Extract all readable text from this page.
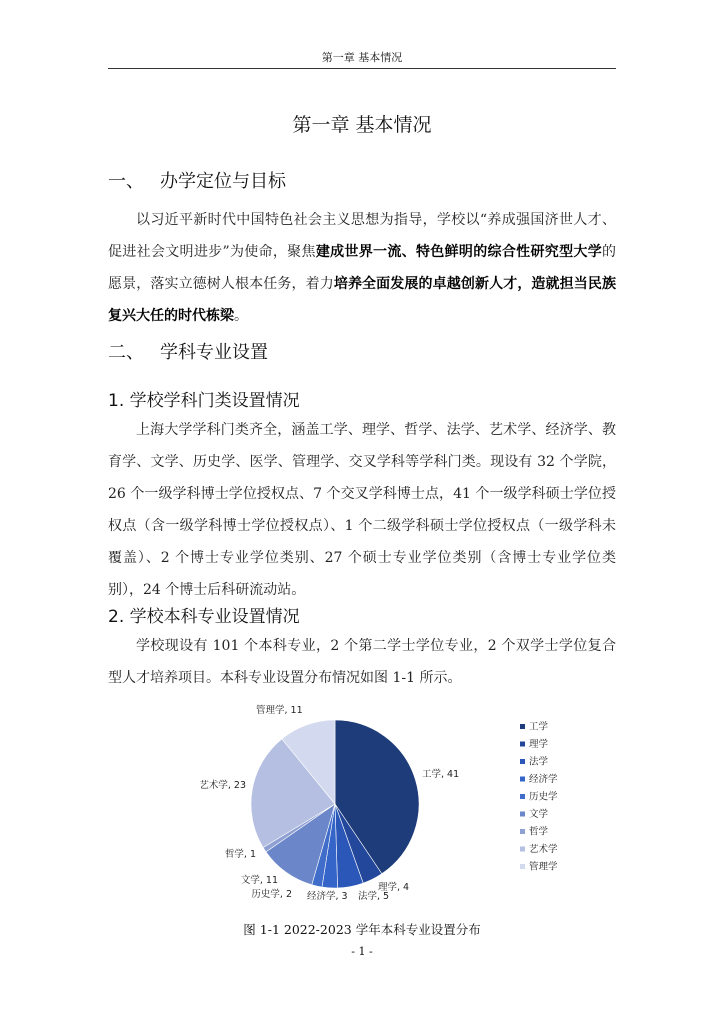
第一章 基本情况
第一章 基本情况
一、 办学定位与目标

以习近平新时代中国特色社会主义思想为指导，学校以“养成强国济世人才、促进社会文明进步”为使命，聚焦建成世界一流、特色鲜明的综合性研究型大学的愿景，落实立德树人根本任务，着力培养全面发展的卓越创新人才，造就担当民族复兴大任的时代栋梁。

二、 学科专业设置
1. 学校学科门类设置情况

上海大学学科门类齐全，涵盖工学、理学、哲学、法学、艺术学、经济学、教育学、文学、历史学、医学、管理学、交叉学科等学科门类。现设有 32 个学院， 26 个一级学科博士学位授权点、7 个交叉学科博士点，41 个一级学科硕士学位授权点（含一级学科博士学位授权点）、1 个二级学科硕士学位授权点（一级学科未覆盖）、2 个博士专业学位类别、27 个硕士专业学位类别（含博士专业学位类别），24 个博士后科研流动站。

2. 学校本科专业设置情况

学校现设有 101 个本科专业，2 个第二学士学位专业，2 个双学士学位复合型人才培养项目。本科专业设置分布情况如图 1-1 所示。

工学, 41
理学, 4
法学, 5
经济学, 3
历史学, 2
文学, 11
哲学, 1
艺术学, 23
管理学, 11
工学
理学
法学
经济学
历史学
文学
哲学
艺术学
管理学
图 1-1 2022-2023 学年本科专业设置分布
- 1 -
